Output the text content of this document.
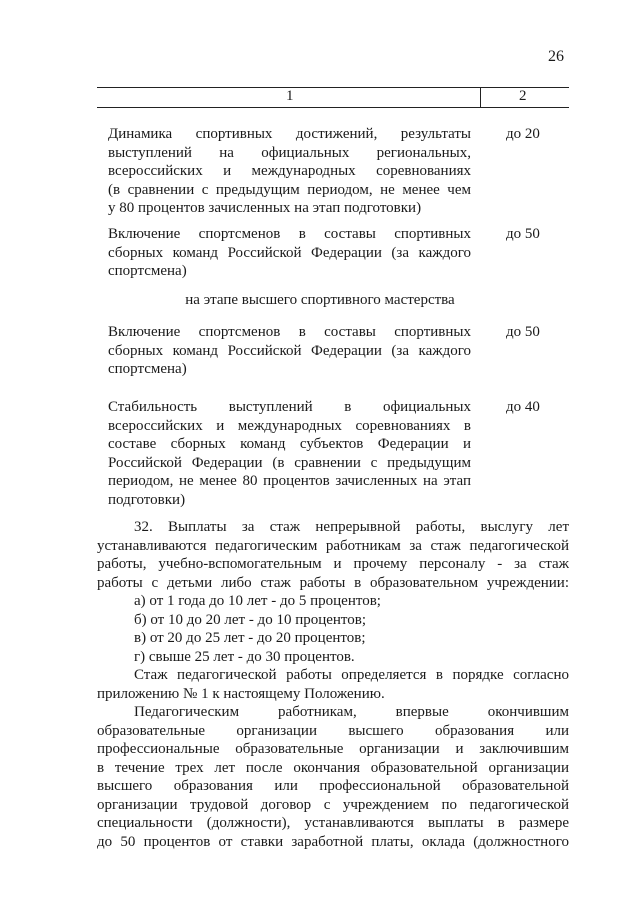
26
1	2
Динамика спортивных достижений, результаты
выступлений на официальных региональных,
всероссийских и международных соревнованиях
(в сравнении с предыдущим периодом, не менее чем
у 80 процентов зачисленных на этап подготовки)
до 20
Включение спортсменов в составы спортивных
сборных команд Российской Федерации (за каждого
спортсмена)
до 50
на этапе высшего спортивного мастерства
Включение спортсменов в составы спортивных
сборных команд Российской Федерации (за каждого
спортсмена)
до 50
Стабильность выступлений в официальных
всероссийских и международных соревнованиях в
составе сборных команд субъектов Федерации и
Российской Федерации (в сравнении с предыдущим
периодом, не менее 80 процентов зачисленных на этап
подготовки)
до 40
32. Выплаты за стаж непрерывной работы, выслугу лет
устанавливаются педагогическим работникам за стаж педагогической
работы, учебно-вспомогательным и прочему персоналу - за стаж
работы с детьми либо стаж работы в образовательном учреждении:
а) от 1 года до 10 лет - до 5 процентов;
б) от 10 до 20 лет - до 10 процентов;
в) от 20 до 25 лет - до 20 процентов;
г) свыше 25 лет - до 30 процентов.
Стаж педагогической работы определяется в порядке согласно
приложению № 1 к настоящему Положению.
Педагогическим работникам, впервые окончившим
образовательные организации высшего образования или
профессиональные образовательные организации и заключившим
в течение трех лет после окончания образовательной организации
высшего образования или профессиональной образовательной
организации трудовой договор с учреждением по педагогической
специальности (должности), устанавливаются выплаты в размере
до 50 процентов от ставки заработной платы, оклада (должностного
